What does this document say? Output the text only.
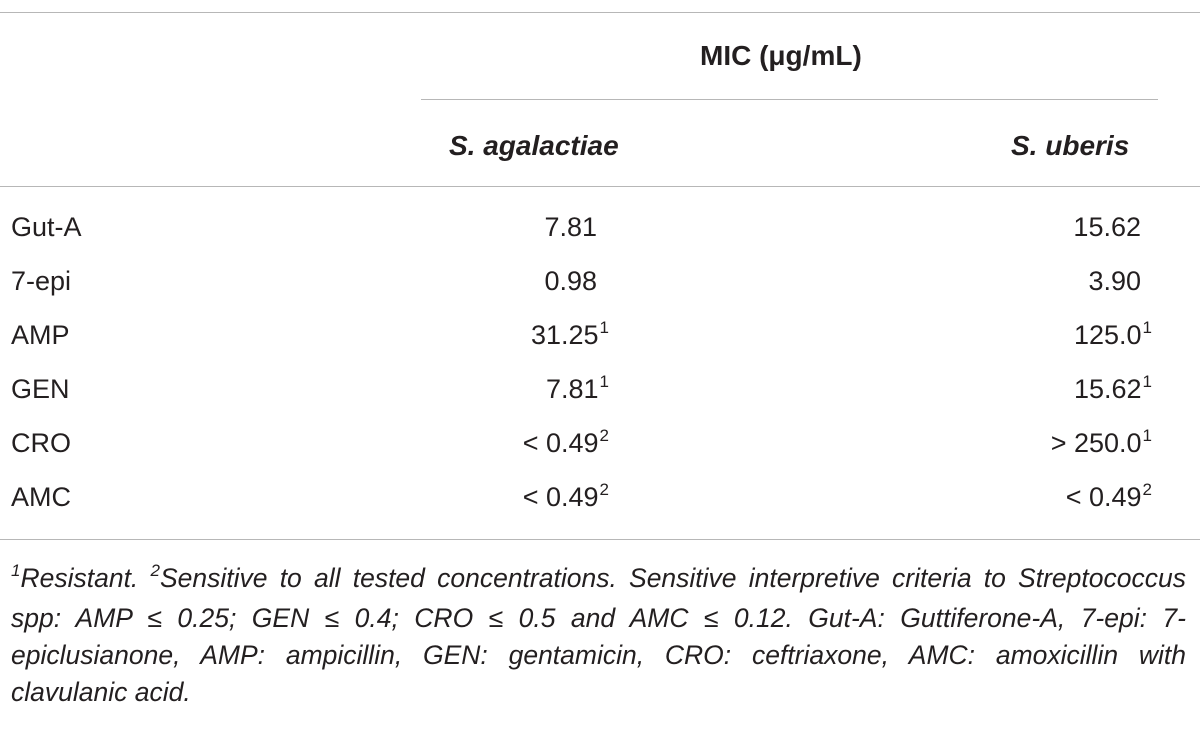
MIC (μg/mL)
S. agalactiae	S. uberis
Gut-A	7.81	15.62
7-epi	0.98	3.90
AMP	31.25$^1$	125.0$^1$
GEN	7.81$^1$	15.62$^1$
CRO	< $0.49^2$	> $250.0^1$
AMC	< $0.49^2$	< $0.49^2$

$^1$Resistant. $^2$Sensitive to all tested concentrations. Sensitive interpretive criteria to Streptococcus spp: AMP ≤ 0.25; GEN ≤ 0.4; CRO ≤ 0.5 and AMC ≤ 0.12. Gut-A: Guttiferone-A, 7-epi: 7-epiclusianone, AMP: ampicillin, GEN: gentamicin, CRO: ceftriaxone, AMC: amoxicillin with clavulanic acid.
